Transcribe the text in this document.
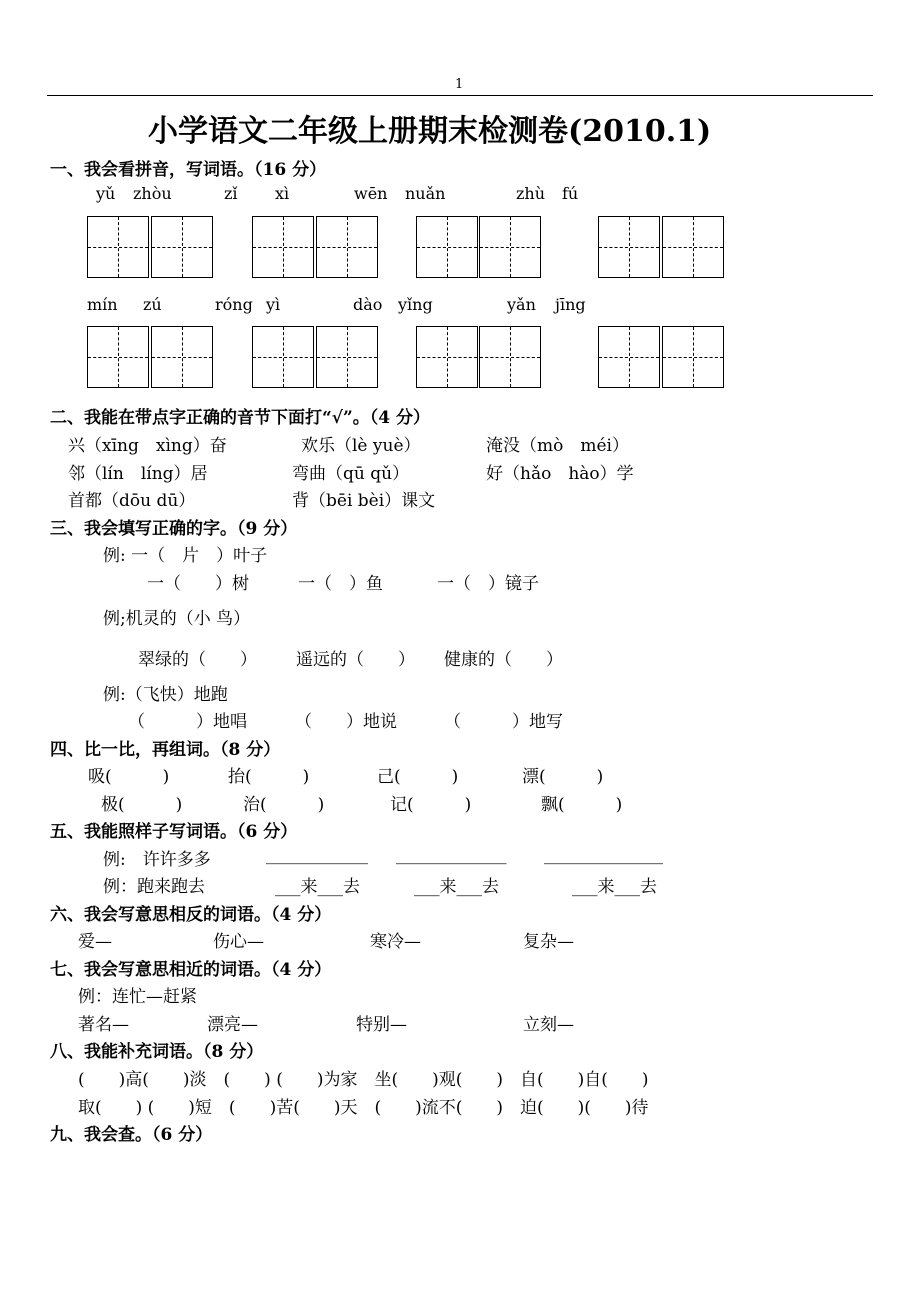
1
小学语文二年级上册期末检测卷(2010.1)
一、我会看拼音，写词语。（16 分）
yǔ zhòu	zǐ xì	wēn nuǎn	zhù fú
mín zú	róng yì	dào yǐng	yǎn jīng
二、我能在带点字正确的音节下面打“√”。（4 分）
兴（xīng　xìng）奋	欢乐（lè yuè）	淹没（mò　méi）
邻（lín　líng）居	弯曲（qū qǔ）	好（hǎo　hào）学
首都（dōu dū）	背（bēi bèi）课文
三、我会填写正确的字。（9 分）
例: 一（　片　）叶子
一（　　）树	一（　）鱼	一（　）镜子
例;机灵的（小 鸟）
翠绿的（　　） 遥远的（　　） 健康的（　　）
例:（飞快）地跑
（　　　）地唱	（　　）地说	（　　　）地写
四、比一比，再组词。（8 分）
吸(　　　)	抬(　　　)	己(　　　)	漂(　　　)
极(　　　)	治(　　　)	记(　　　)	飘(　　　)
五、我能照样子写词语。（6 分）
例:　许许多多	____________ _____________ ______________
例：跑来跑去	___来___去	___来___去	___来___去
六、我会写意思相反的词语。（4 分）
爱—	伤心—	寒冷—	复杂—
七、我会写意思相近的词语。（4 分）
例：连忙—赶紧
著名—	漂亮—	特别—	立刻—
八、我能补充词语。（8 分）
(　　)高(　　)淡　(　　) (　　)为家　坐(　　)观(　　)　自(　　)自(　　)
取(　　) (　　)短　(　　)苦(　　)天　(　　)流不(　　)　迫(　　)(　　)待
九、我会查。（6 分）
